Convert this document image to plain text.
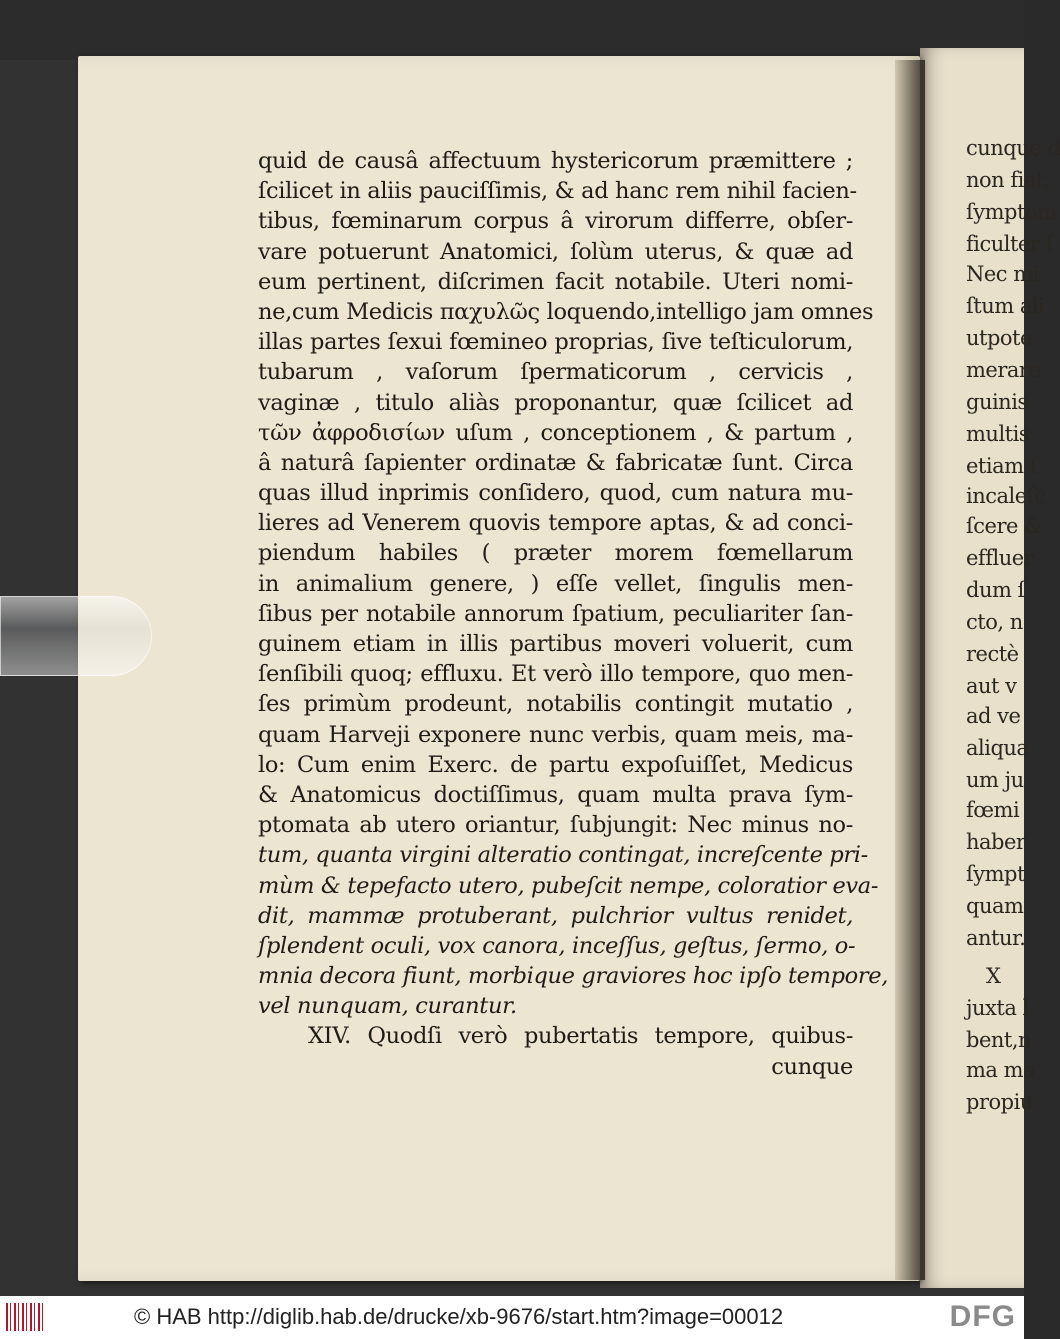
cunque d
non fiat,
ſymptom
ficulter ſ
Nec mi
ſtum ali
utpote
merare
guinis
multis
etiam ſ
incaleſc
ſcere &
effluer
dum ſ
cto, n
rectè
aut v
ad ve
aliqua
um ju
fœmi
haber
ſympt
quam
antur.
X
juxta l
bent,n
ma ma
propiu
quid de causâ affectuum hystericorum præmittere ;
ſcilicet in aliis pauciſſimis, & ad hanc rem nihil facien-
tibus, fœminarum corpus â virorum differre, obſer-
vare potuerunt Anatomici, ſolùm uterus, & quæ ad
eum pertinent, diſcrimen facit notabile. Uteri nomi-
ne,cum Medicis παχυλῶς loquendo,intelligo jam omnes
illas partes ſexui fœmineo proprias, ſive teſticulorum,
tubarum , vaſorum ſpermaticorum , cervicis ,
vaginæ , titulo aliàs proponantur, quæ ſcilicet ad
τῶν ἀφροδισίων uſum , conceptionem , & partum ,
â naturâ ſapienter ordinatæ & fabricatæ ſunt. Circa
quas illud inprimis conſidero, quod, cum natura mu-
lieres ad Venerem quovis tempore aptas, & ad conci-
piendum habiles ( præter morem fœmellarum
in animalium genere, ) eſſe vellet, ſingulis men-
ſibus per notabile annorum ſpatium, peculiariter ſan-
guinem etiam in illis partibus moveri voluerit, cum
ſenſibili quoq; effluxu. Et verò illo tempore, quo men-
ſes primùm prodeunt, notabilis contingit mutatio ,
quam Harveji exponere nunc verbis, quam meis, ma-
lo: Cum enim Exerc. de partu expoſuiſſet, Medicus
& Anatomicus doctiſſimus, quam multa prava ſym-
ptomata ab utero oriantur, ſubjungit: Nec minus no-
tum, quanta virgini alteratio contingat, increſcente pri-
mùm & tepefacto utero, pubeſcit nempe, coloratior eva-
dit, mammæ protuberant, pulchrior vultus renidet,
ſplendent oculi, vox canora, inceſſus, geſtus, ſermo, o-
mnia decora fiunt, morbique graviores hoc ipſo tempore,
vel nunquam, curantur.
XIV. Quodſi verò pubertatis tempore, quibus-
cunque
© HAB http://diglib.hab.de/drucke/xb-9676/start.htm?image=00012	DFG
